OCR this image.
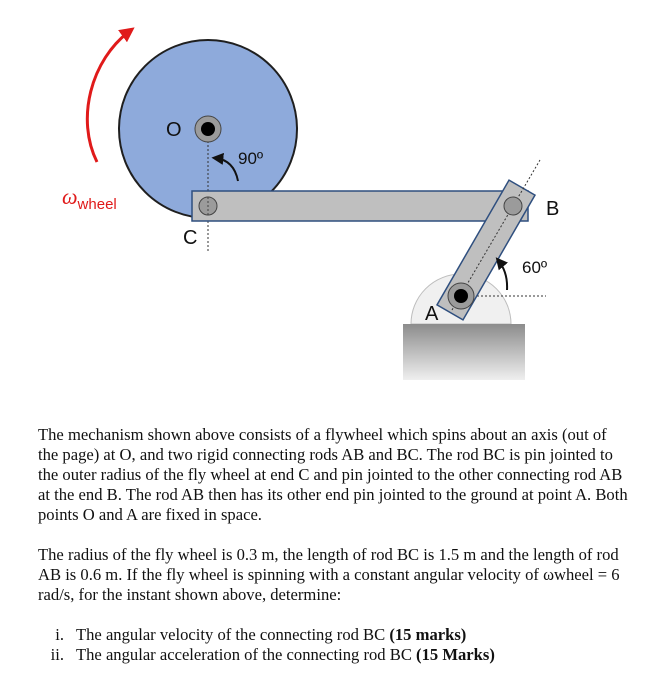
O
90º
C
B
60º
A
ωwheel

The mechanism shown above consists of a flywheel which spins about an axis (out of the page) at O, and two rigid connecting rods AB and BC. The rod BC is pin jointed to the outer radius of the fly wheel at end C and pin jointed to the other connecting rod AB at the end B. The rod AB then has its other end pin jointed to the ground at point A. Both points O and A are fixed in space.

The radius of the fly wheel is 0.3 m, the length of rod BC is 1.5 m and the length of rod AB is 0.6 m. If the fly wheel is spinning with a constant angular velocity of ωwheel = 6 rad/s, for the instant shown above, determine:

i. The angular velocity of the connecting rod BC (15 marks)
ii. The angular acceleration of the connecting rod BC (15 Marks)
